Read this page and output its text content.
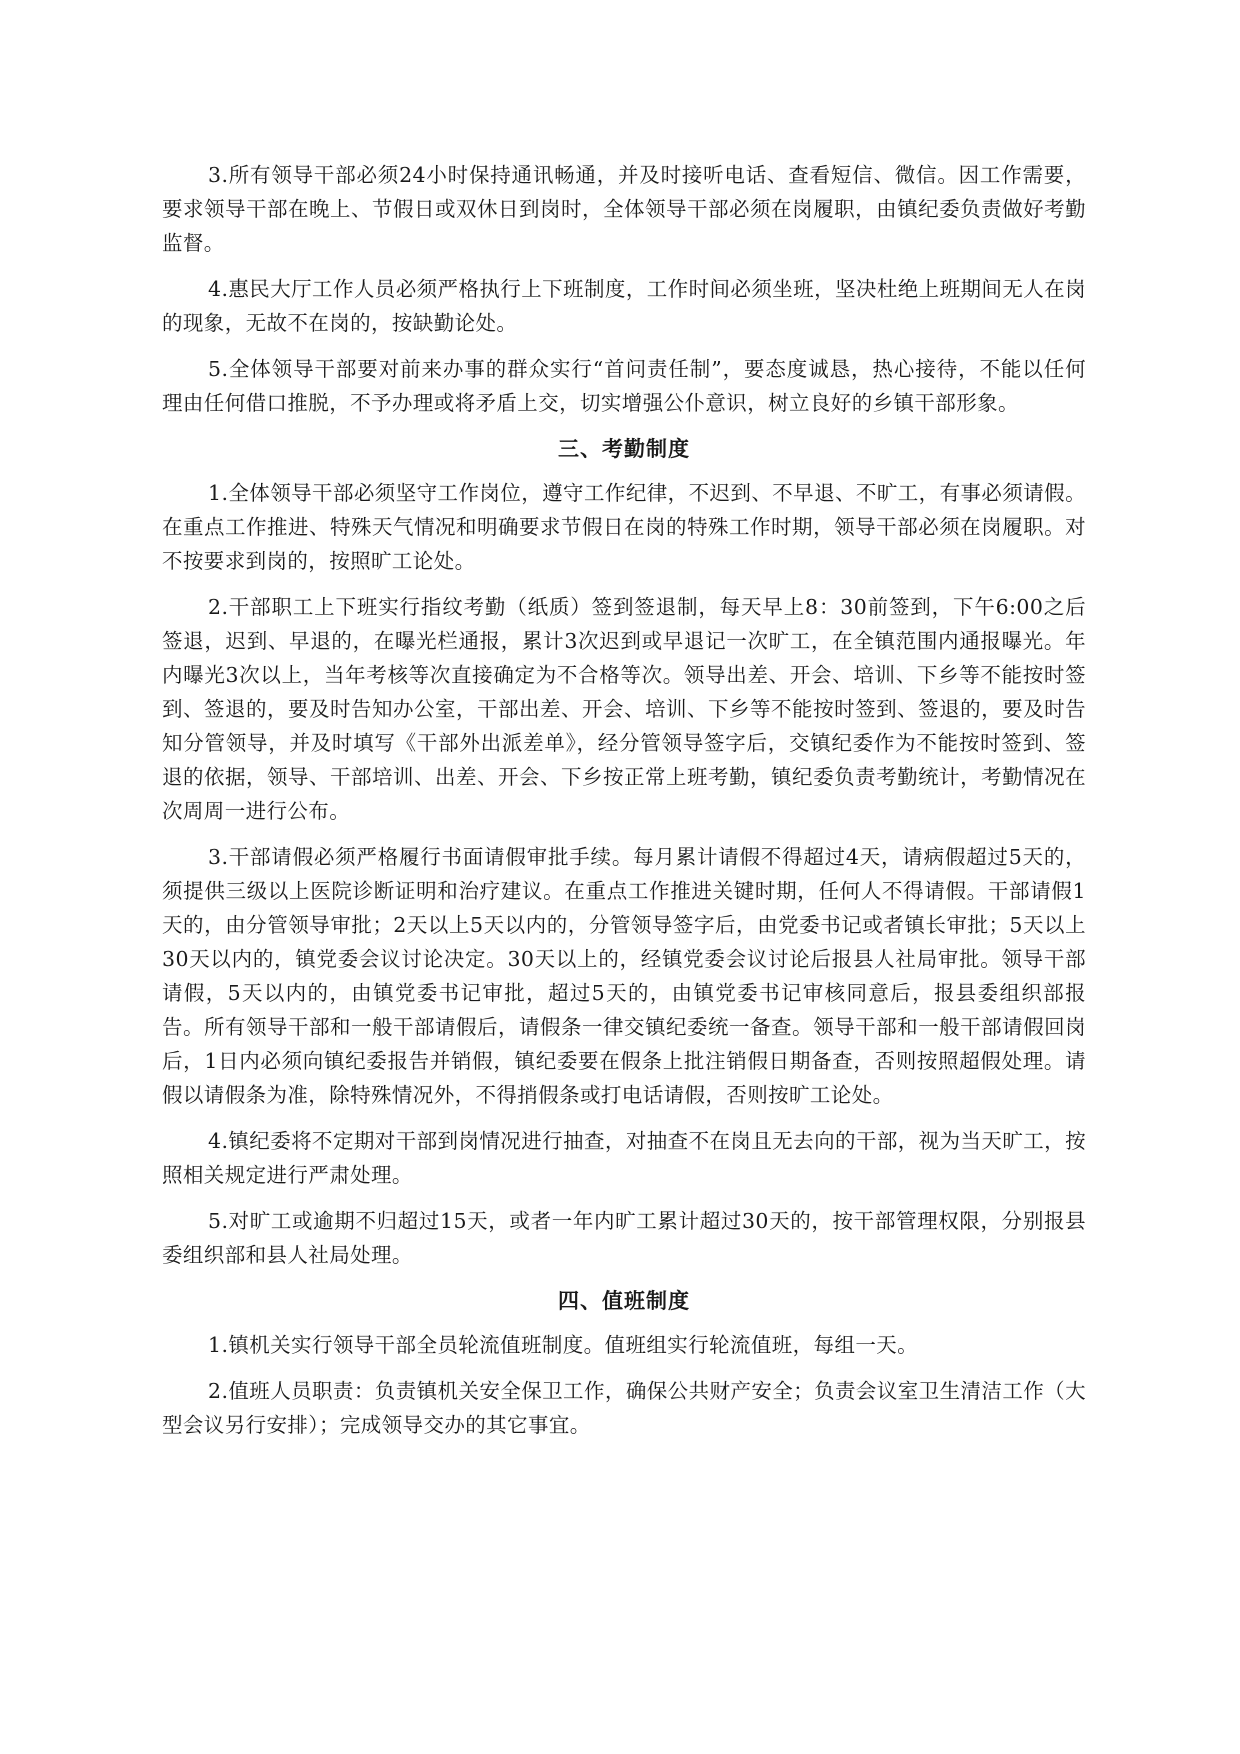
3.所有领导干部必须24小时保持通讯畅通，并及时接听电话、查看短信、微信。因工作需要，要求领导干部在晚上、节假日或双休日到岗时，全体领导干部必须在岗履职，由镇纪委负责做好考勤监督。

4.惠民大厅工作人员必须严格执行上下班制度，工作时间必须坐班，坚决杜绝上班期间无人在岗的现象，无故不在岗的，按缺勤论处。

5.全体领导干部要对前来办事的群众实行“首问责任制”，要态度诚恳，热心接待，不能以任何理由任何借口推脱，不予办理或将矛盾上交，切实增强公仆意识，树立良好的乡镇干部形象。

三、考勤制度

1.全体领导干部必须坚守工作岗位，遵守工作纪律，不迟到、不早退、不旷工，有事必须请假。在重点工作推进、特殊天气情况和明确要求节假日在岗的特殊工作时期，领导干部必须在岗履职。对不按要求到岗的，按照旷工论处。

2.干部职工上下班实行指纹考勤（纸质）签到签退制，每天早上8：30前签到，下午6:00之后签退，迟到、早退的，在曝光栏通报，累计3次迟到或早退记一次旷工，在全镇范围内通报曝光。年内曝光3次以上，当年考核等次直接确定为不合格等次。领导出差、开会、培训、下乡等不能按时签到、签退的，要及时告知办公室，干部出差、开会、培训、下乡等不能按时签到、签退的，要及时告知分管领导，并及时填写《干部外出派差单》，经分管领导签字后，交镇纪委作为不能按时签到、签退的依据，领导、干部培训、出差、开会、下乡按正常上班考勤，镇纪委负责考勤统计，考勤情况在次周周一进行公布。

3.干部请假必须严格履行书面请假审批手续。每月累计请假不得超过4天，请病假超过5天的，须提供三级以上医院诊断证明和治疗建议。在重点工作推进关键时期，任何人不得请假。干部请假1天的，由分管领导审批；2天以上5天以内的，分管领导签字后，由党委书记或者镇长审批；5天以上30天以内的，镇党委会议讨论决定。30天以上的，经镇党委会议讨论后报县人社局审批。领导干部请假，5天以内的，由镇党委书记审批，超过5天的，由镇党委书记审核同意后，报县委组织部报告。所有领导干部和一般干部请假后，请假条一律交镇纪委统一备查。领导干部和一般干部请假回岗后，1日内必须向镇纪委报告并销假，镇纪委要在假条上批注销假日期备查，否则按照超假处理。请假以请假条为准，除特殊情况外，不得捎假条或打电话请假，否则按旷工论处。

4.镇纪委将不定期对干部到岗情况进行抽查，对抽查不在岗且无去向的干部，视为当天旷工，按照相关规定进行严肃处理。

5.对旷工或逾期不归超过15天，或者一年内旷工累计超过30天的，按干部管理权限，分别报县委组织部和县人社局处理。

四、值班制度

1.镇机关实行领导干部全员轮流值班制度。值班组实行轮流值班，每组一天。

2.值班人员职责：负责镇机关安全保卫工作，确保公共财产安全；负责会议室卫生清洁工作（大型会议另行安排）；完成领导交办的其它事宜。
